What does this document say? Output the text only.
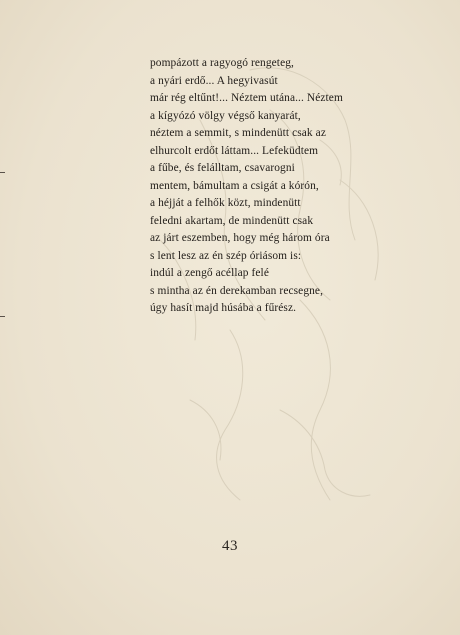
pompázott a ragyogó rengeteg,
a nyári erdő... A hegyivasút
már rég eltűnt!... Néztem utána... Néztem
a kígyózó völgy végső kanyarát,
néztem a semmit, s mindenütt csak az
elhurcolt erdőt láttam... Lefeküdtem
a fűbe, és felálltam, csavarogni
mentem, bámultam a csigát a kórón,
a héjját a felhők közt, mindenütt
feledni akartam, de mindenütt csak
az járt eszemben, hogy még három óra
s lent lesz az én szép óriásom is:
indúl a zengő acéllap felé
s mintha az én derekamban recsegne,
úgy hasít majd húsába a fűrész.
43
